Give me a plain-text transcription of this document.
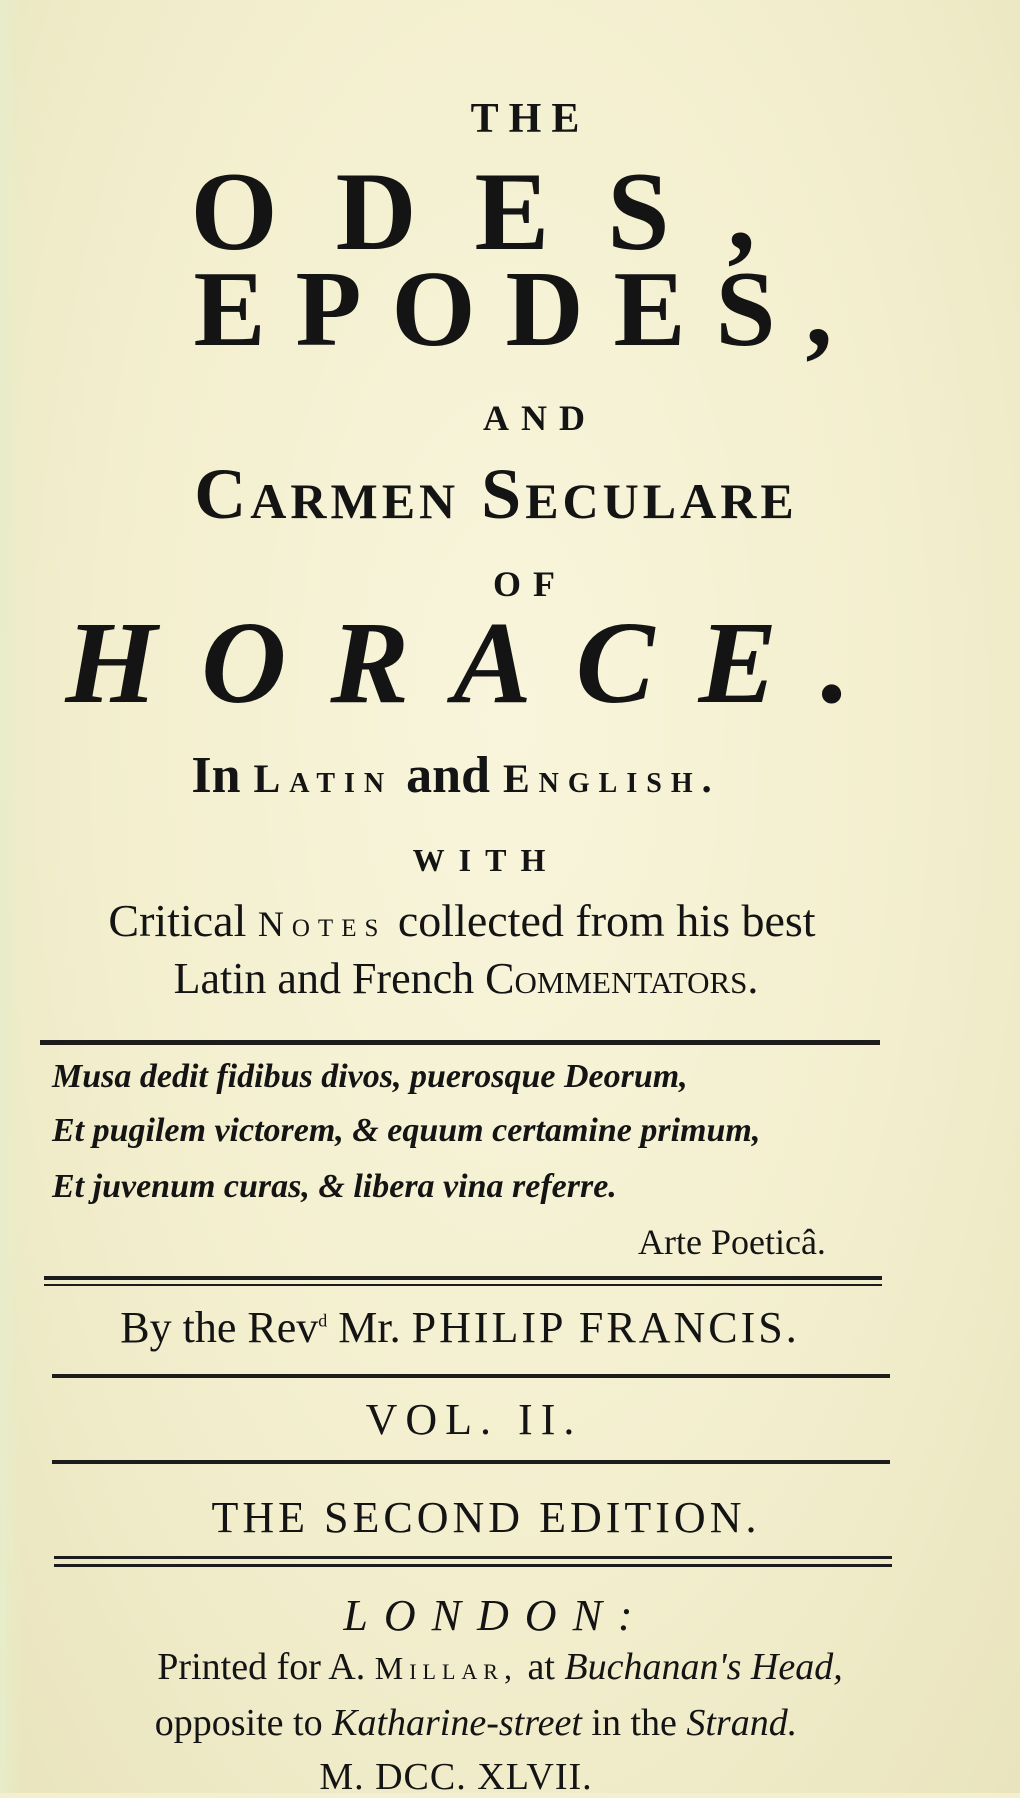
THE
ODES,
EPODES,
AND
Carmen Seculare
OF
HORACE.
In Latin and English.
WITH
Critical Notes collected from his best
Latin and French Commentators.
Musa dedit fidibus divos, puerosque Deorum,
Et pugilem victorem, & equum certamine primum,
Et juvenum curas, & libera vina referre.
Arte Poeticâ.
By the Rev$^d$ Mr. PHILIP FRANCIS.
VOL. II.
THE SECOND EDITION.
LONDON:
Printed for A. Millar, at Buchanan's Head,
opposite to Katharine-street in the Strand.
M. DCC. XLVII.
